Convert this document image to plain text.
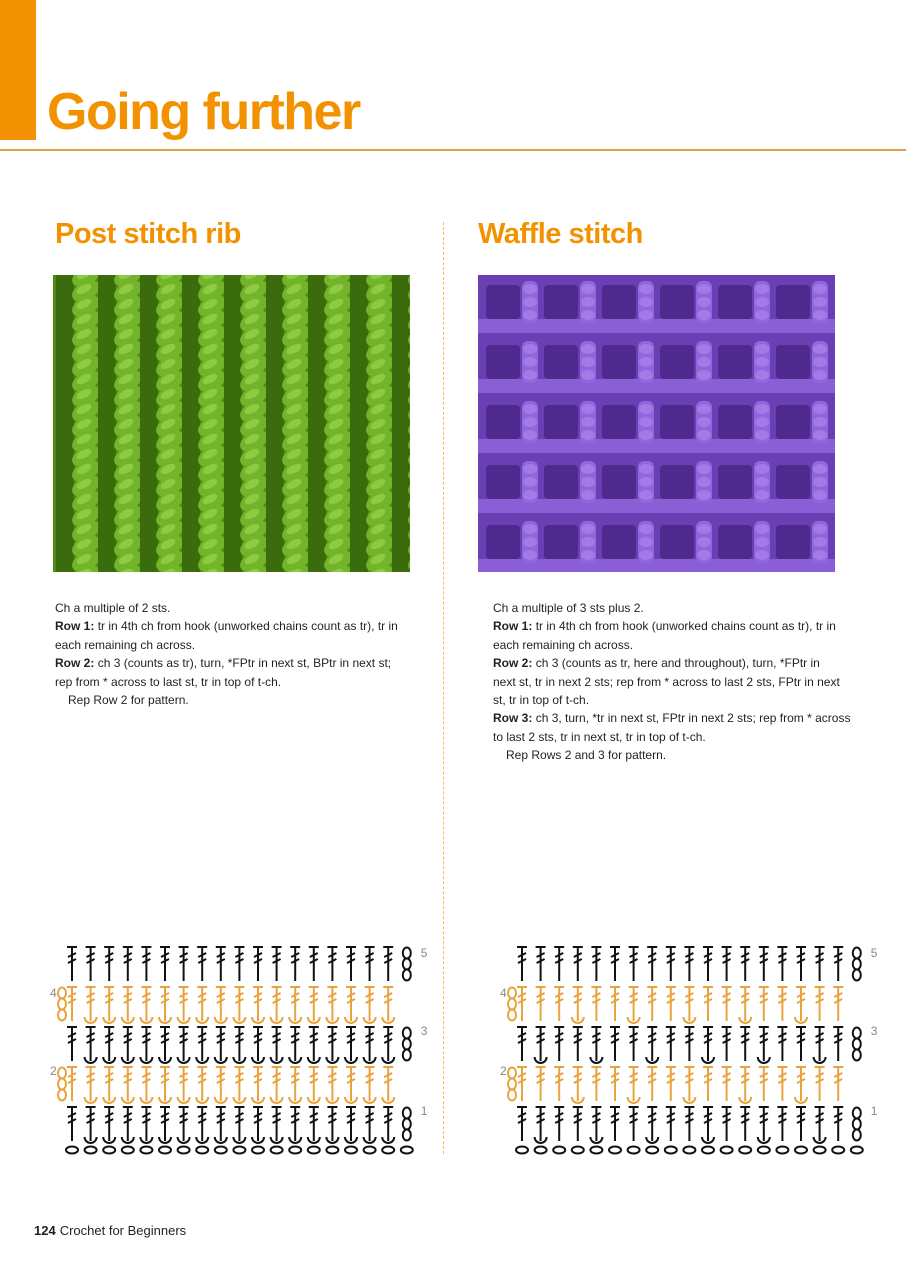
Going further
Post stitch rib

Ch a multiple of 2 sts.

Row 1: tr in 4th ch from hook (unworked chains count as tr), tr in

each remaining ch across.

Row 2: ch 3 (counts as tr), turn, *FPtr in next st, BPtr in next st;

rep from * across to last st, tr in top of t-ch.

Rep Row 2 for pattern.

5
4
3
2
1
Waffle stitch

Ch a multiple of 3 sts plus 2.

Row 1: tr in 4th ch from hook (unworked chains count as tr), tr in

each remaining ch across.

Row 2: ch 3 (counts as tr, here and throughout), turn, *FPtr in

next st, tr in next 2 sts; rep from * across to last 2 sts, FPtr in next

st, tr in top of t-ch.

Row 3: ch 3, turn, *tr in next st, FPtr in next 2 sts; rep from * across

to last 2 sts, tr in next st, tr in top of t-ch.

Rep Rows 2 and 3 for pattern.

5
4
3
2
1
124 Crochet for Beginners
